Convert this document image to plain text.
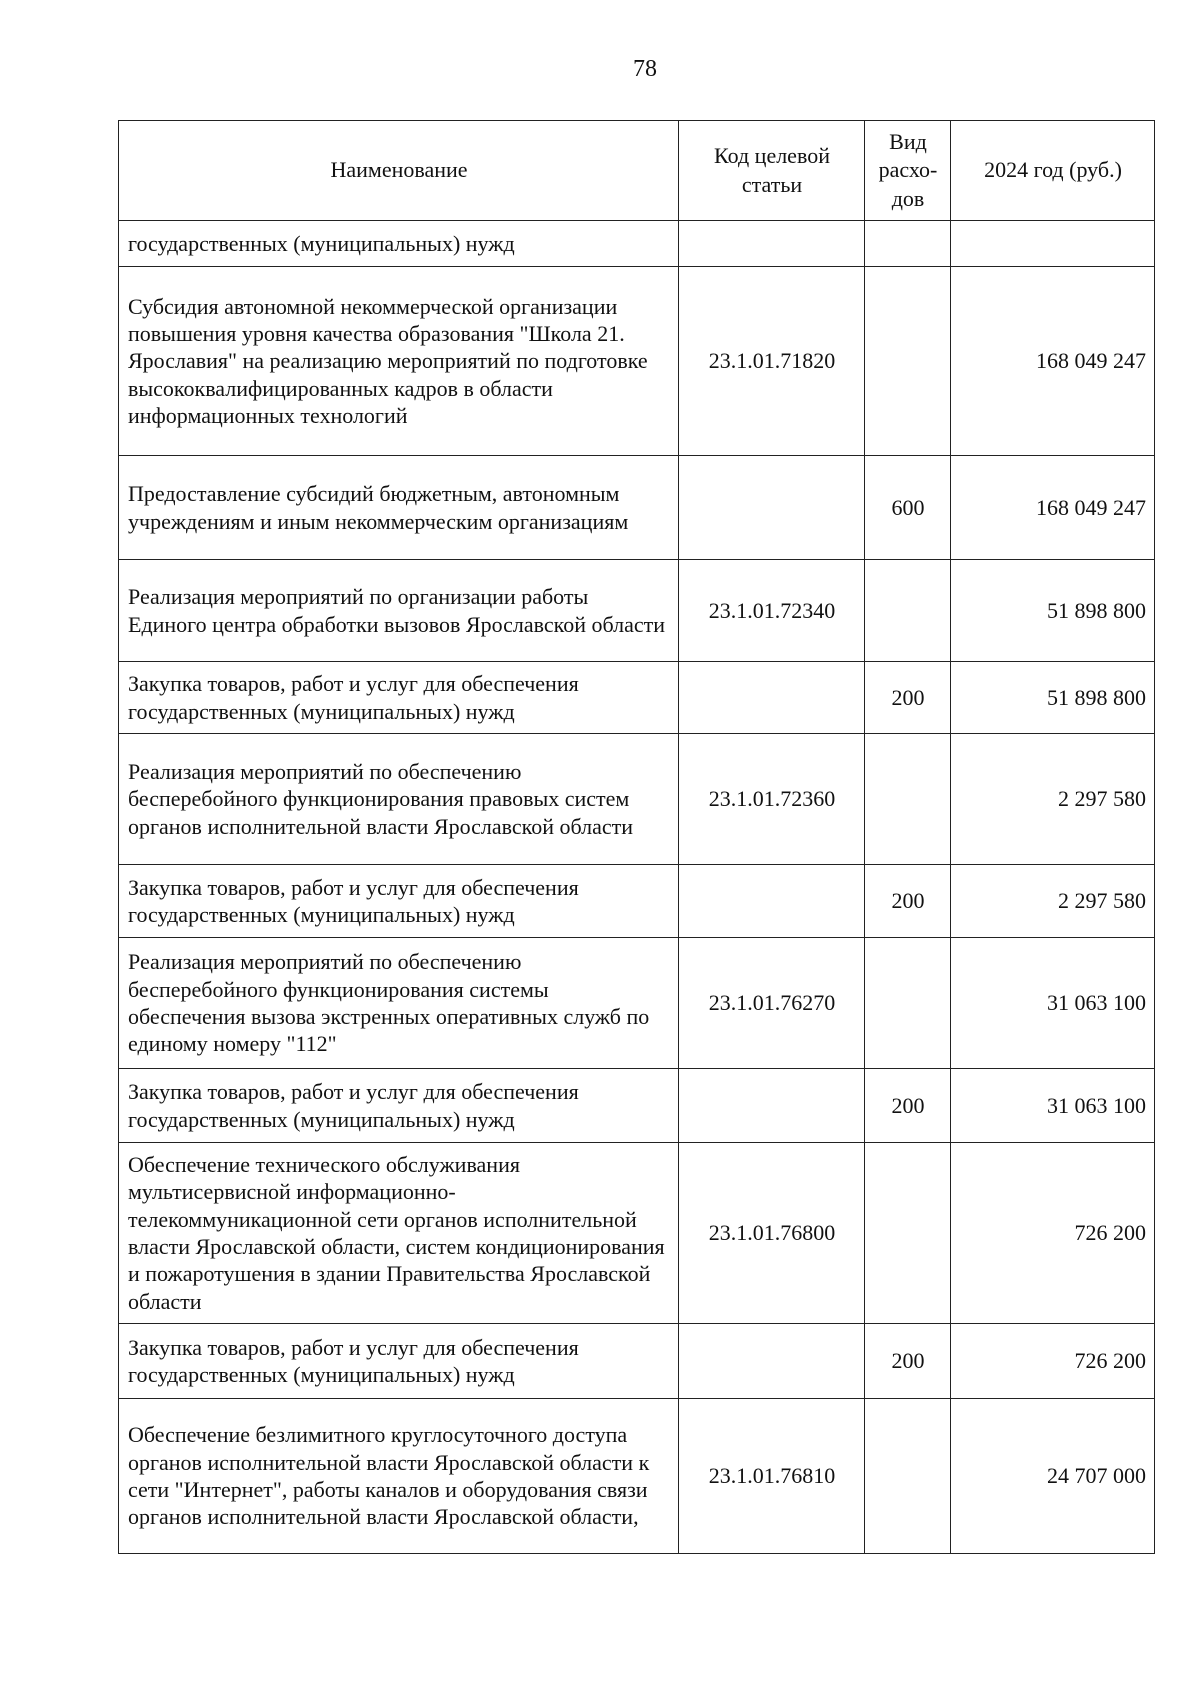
78
Наименование	Код целевой статьи	Вид расхо-дов	2024 год (руб.)
государственных (муниципальных) нужд			
Субсидия автономной некоммерческой организации повышения уровня качества образования "Школа 21. Ярославия" на реализацию мероприятий по подготовке высококвалифицированных кадров в области информационных технологий	23.1.01.71820		168 049 247
Предоставление субсидий бюджетным, автономным учреждениям и иным некоммерческим организациям		600	168 049 247
Реализация мероприятий по организации работы Единого центра обработки вызовов Ярославской области	23.1.01.72340		51 898 800
Закупка товаров, работ и услуг для обеспечения государственных (муниципальных) нужд		200	51 898 800
Реализация мероприятий по обеспечению бесперебойного функционирования правовых систем органов исполнительной власти Ярославской области	23.1.01.72360		2 297 580
Закупка товаров, работ и услуг для обеспечения государственных (муниципальных) нужд		200	2 297 580
Реализация мероприятий по обеспечению бесперебойного функционирования системы обеспечения вызова экстренных оперативных служб по единому номеру "112"	23.1.01.76270		31 063 100
Закупка товаров, работ и услуг для обеспечения государственных (муниципальных) нужд		200	31 063 100
Обеспечение технического обслуживания мультисервисной информационно-телекоммуникационной сети органов исполнительной власти Ярославской области, систем кондиционирования и пожаротушения в здании Правительства Ярославской области	23.1.01.76800		726 200
Закупка товаров, работ и услуг для обеспечения государственных (муниципальных) нужд		200	726 200
Обеспечение безлимитного круглосуточного доступа органов исполнительной власти Ярославской области к сети "Интернет", работы каналов и оборудования связи органов исполнительной власти Ярославской области,	23.1.01.76810		24 707 000
